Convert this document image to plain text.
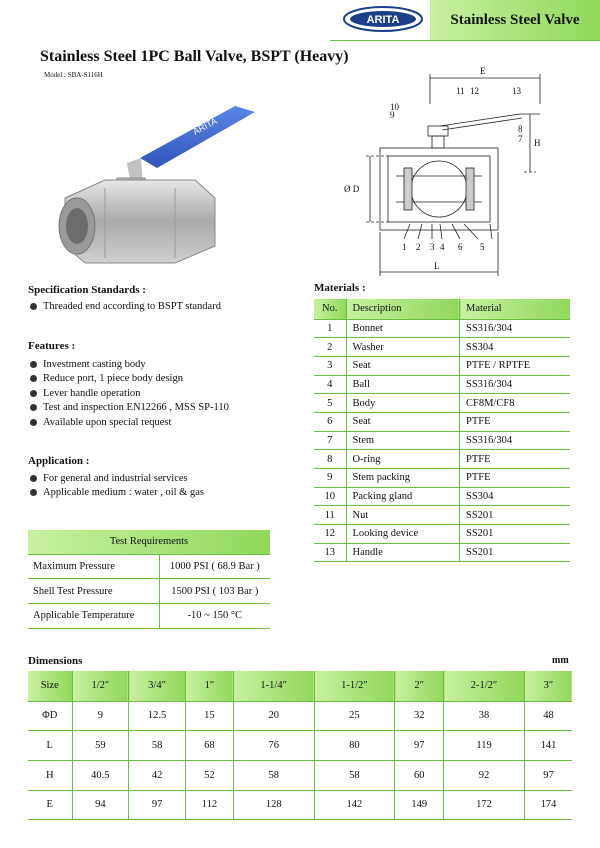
ARITA	Stainless Steel Valve
Stainless Steel 1PC Ball Valve, BSPT (Heavy)
Model : SBA-S116H
ARITA
E
H
Ø D
L
9
10
11 12	13
8
7
1 2 3 4 6 5
Specification Standards :
Threaded end according to BSPT standard
Features :
Investment casting body
Reduce port, 1 piece body design
Lever handle operation
Test and inspection EN12266 , MSS SP-110
Available upon special request
Application :
For general and industrial services
Applicable medium : water , oil & gas
Materials :
No.	Description	Material
1	Bonnet	SS316/304
2	Washer	SS304
3	Seat	PTFE / RPTFE
4	Ball	SS316/304
5	Body	CF8M/CF8
6	Seat	PTFE
7	Stem	SS316/304
8	O-ring	PTFE
9	Stem packing	PTFE
10	Packing gland	SS304
11	Nut	SS201
12	Looking device	SS201
13	Handle	SS201
Test Requirements	
Maximum Pressure	1000 PSI ( 68.9 Bar )
Shell Test Pressure	1500 PSI ( 103 Bar )
Applicable Temperature	-10 ~ 150 °C
Dimensions	mm
Size	1/2″	3/4″	1″	1-1/4″	1-1/2″	2″	2-1/2″	3″
ΦD	9	12.5	15	20	25	32	38	48
L	59	58	68	76	80	97	119	141
H	40.5	42	52	58	58	60	92	97
E	94	97	112	128	142	149	172	174
